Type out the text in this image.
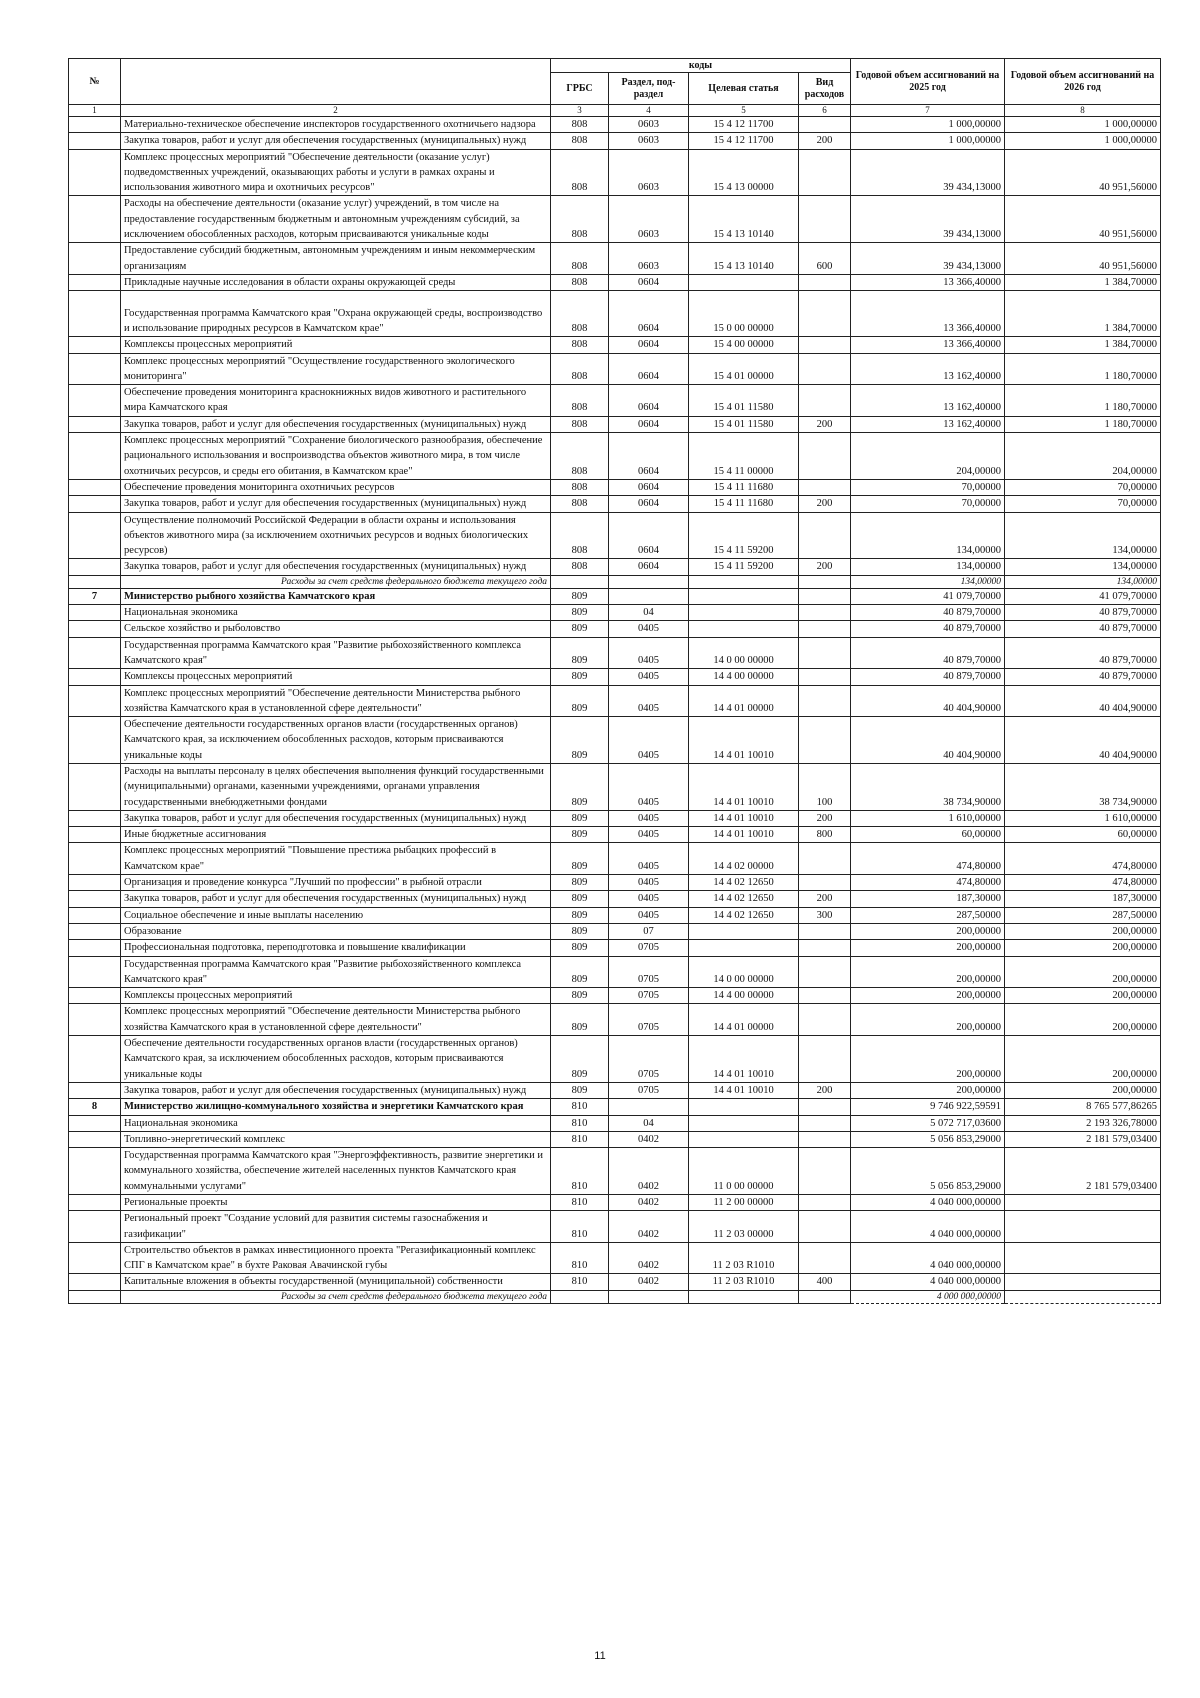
№		коды				Годовой объем ассигнований на 2025 год	Годовой объем ассигнований на 2026 год
		ГРБС	Раздел, под-раздел	Целевая статья	Вид расходов		
1	2	3	4	5	6	7	8
	Материально-техническое обеспечение инспекторов государственного охотничьего надзора	808	0603	15 4 12 11700		1 000,00000	1 000,00000
	Закупка товаров, работ и услуг для обеспечения государственных (муниципальных) нужд	808	0603	15 4 12 11700	200	1 000,00000	1 000,00000
	Комплекс процессных мероприятий "Обеспечение деятельности (оказание услуг) подведомственных учреждений, оказывающих работы и услуги в рамках охраны и использования животного мира и охотничьих ресурсов"	808	0603	15 4 13 00000		39 434,13000	40 951,56000
	Расходы на обеспечение деятельности (оказание услуг) учреждений, в том числе на предоставление государственным бюджетным и автономным учреждениям субсидий, за исключением обособленных расходов, которым присваиваются уникальные коды	808	0603	15 4 13 10140		39 434,13000	40 951,56000
	Предоставление субсидий бюджетным, автономным учреждениям и иным некоммерческим организациям	808	0603	15 4 13 10140	600	39 434,13000	40 951,56000
	Прикладные научные исследования в области охраны окружающей среды	808	0604			13 366,40000	1 384,70000
	Государственная программа Камчатского края "Охрана окружающей среды, воспроизводство и использование природных ресурсов в Камчатском крае"	808	0604	15 0 00 00000		13 366,40000	1 384,70000
	Комплексы процессных мероприятий	808	0604	15 4 00 00000		13 366,40000	1 384,70000
	Комплекс процессных мероприятий "Осуществление государственного экологического мониторинга"	808	0604	15 4 01 00000		13 162,40000	1 180,70000
	Обеспечение проведения мониторинга краснокнижных видов животного и растительного мира Камчатского края	808	0604	15 4 01 11580		13 162,40000	1 180,70000
	Закупка товаров, работ и услуг для обеспечения государственных (муниципальных) нужд	808	0604	15 4 01 11580	200	13 162,40000	1 180,70000
	Комплекс процессных мероприятий "Сохранение биологического разнообразия, обеспечение рационального использования и воспроизводства объектов животного мира, в том числе охотничьих ресурсов, и среды его обитания, в Камчатском крае"	808	0604	15 4 11 00000		204,00000	204,00000
	Обеспечение проведения мониторинга охотничьих ресурсов	808	0604	15 4 11 11680		70,00000	70,00000
	Закупка товаров, работ и услуг для обеспечения государственных (муниципальных) нужд	808	0604	15 4 11 11680	200	70,00000	70,00000
	Осуществление полномочий Российской Федерации в области охраны и использования объектов животного мира (за исключением охотничьих ресурсов и водных биологических ресурсов)	808	0604	15 4 11 59200		134,00000	134,00000
	Закупка товаров, работ и услуг для обеспечения государственных (муниципальных) нужд	808	0604	15 4 11 59200	200	134,00000	134,00000
	Расходы за счет средств федерального бюджета текущего года					134,00000	134,00000
7	Министерство рыбного хозяйства Камчатского края	809				41 079,70000	41 079,70000
	Национальная экономика	809	04			40 879,70000	40 879,70000
	Сельское хозяйство и рыболовство	809	0405			40 879,70000	40 879,70000
	Государственная программа Камчатского края "Развитие рыбохозяйственного комплекса Камчатского края"	809	0405	14 0 00 00000		40 879,70000	40 879,70000
	Комплексы процессных мероприятий	809	0405	14 4 00 00000		40 879,70000	40 879,70000
	Комплекс процессных мероприятий "Обеспечение деятельности Министерства рыбного хозяйства Камчатского края в установленной сфере деятельности"	809	0405	14 4 01 00000		40 404,90000	40 404,90000
	Обеспечение деятельности государственных органов власти (государственных органов) Камчатского края, за исключением обособленных расходов, которым присваиваются уникальные коды	809	0405	14 4 01 10010		40 404,90000	40 404,90000
	Расходы на выплаты персоналу в целях обеспечения выполнения функций государственными (муниципальными) органами, казенными учреждениями, органами управления государственными внебюджетными фондами	809	0405	14 4 01 10010	100	38 734,90000	38 734,90000
	Закупка товаров, работ и услуг для обеспечения государственных (муниципальных) нужд	809	0405	14 4 01 10010	200	1 610,00000	1 610,00000
	Иные бюджетные ассигнования	809	0405	14 4 01 10010	800	60,00000	60,00000
	Комплекс процессных мероприятий "Повышение престижа рыбацких профессий в Камчатском крае"	809	0405	14 4 02 00000		474,80000	474,80000
	Организация и проведение конкурса "Лучший по профессии" в рыбной отрасли	809	0405	14 4 02 12650		474,80000	474,80000
	Закупка товаров, работ и услуг для обеспечения государственных (муниципальных) нужд	809	0405	14 4 02 12650	200	187,30000	187,30000
	Социальное обеспечение и иные выплаты населению	809	0405	14 4 02 12650	300	287,50000	287,50000
	Образование	809	07			200,00000	200,00000
	Профессиональная подготовка, переподготовка и повышение квалификации	809	0705			200,00000	200,00000
	Государственная программа Камчатского края "Развитие рыбохозяйственного комплекса Камчатского края"	809	0705	14 0 00 00000		200,00000	200,00000
	Комплексы процессных мероприятий	809	0705	14 4 00 00000		200,00000	200,00000
	Комплекс процессных мероприятий "Обеспечение деятельности Министерства рыбного хозяйства Камчатского края в установленной сфере деятельности"	809	0705	14 4 01 00000		200,00000	200,00000
	Обеспечение деятельности государственных органов власти (государственных органов) Камчатского края, за исключением обособленных расходов, которым присваиваются уникальные коды	809	0705	14 4 01 10010		200,00000	200,00000
	Закупка товаров, работ и услуг для обеспечения государственных (муниципальных) нужд	809	0705	14 4 01 10010	200	200,00000	200,00000
8	Министерство жилищно-коммунального хозяйства и энергетики Камчатского края	810				9 746 922,59591	8 765 577,86265
	Национальная экономика	810	04			5 072 717,03600	2 193 326,78000
	Топливно-энергетический комплекс	810	0402			5 056 853,29000	2 181 579,03400
	Государственная программа Камчатского края "Энергоэффективность, развитие энергетики и коммунального хозяйства, обеспечение жителей населенных пунктов Камчатского края коммунальными услугами"	810	0402	11 0 00 00000		5 056 853,29000	2 181 579,03400
	Региональные проекты	810	0402	11 2 00 00000		4 040 000,00000	
	Региональный проект "Создание условий для развития системы газоснабжения и газификации"	810	0402	11 2 03 00000		4 040 000,00000	
	Строительство объектов в рамках инвестиционного проекта "Регазификационный комплекс СПГ в Камчатском крае" в бухте Раковая Авачинской губы	810	0402	11 2 03 R1010		4 040 000,00000	
	Капитальные вложения в объекты государственной (муниципальной) собственности	810	0402	11 2 03 R1010	400	4 040 000,00000	
	Расходы за счет средств федерального бюджета текущего года					4 000 000,00000	
11
